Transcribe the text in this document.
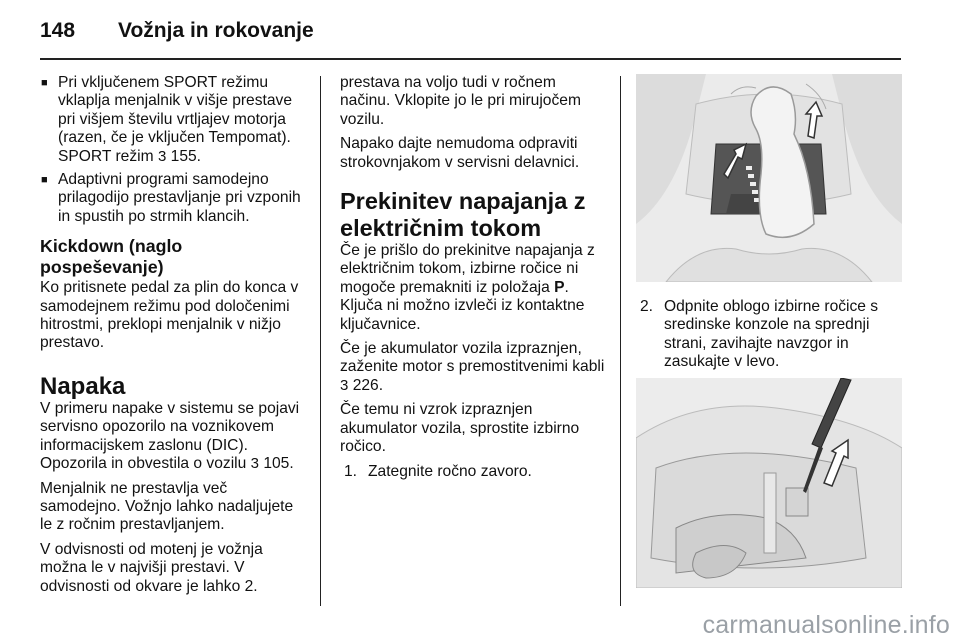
148	Vožnja in rokovanje
■ Pri vključenem SPORT režimu vklaplja menjalnik v višje prestave pri višjem številu vrtljajev motorja (razen, če je vključen Tempomat). SPORT režim 3 155.
■ Adaptivni programi samodejno prilagodijo prestavljanje pri vzponih in spustih po strmih klancih.
Kickdown (naglo pospeševanje)

Ko pritisnete pedal za plin do konca v samodejnem režimu pod določenimi hitrostmi, preklopi menjalnik v nižjo prestavo.

Napaka

V primeru napake v sistemu se pojavi servisno opozorilo na voznikovem informacijskem zaslonu (DIC). Opozorila in obvestila o vozilu 3 105.

Menjalnik ne prestavlja več samodejno. Vožnjo lahko nadaljujete le z ročnim prestavljanjem.

V odvisnosti od motenj je vožnja možna le v najvišji prestavi. V odvisnosti od okvare je lahko 2.

prestava na voljo tudi v ročnem načinu. Vklopite jo le pri mirujočem vozilu.

Napako dajte nemudoma odpraviti strokovnjakom v servisni delavnici.

Prekinitev napajanja z električnim tokom

Če je prišlo do prekinitve napajanja z električnim tokom, izbirne ročice ni mogoče premakniti iz položaja P. Ključa ni možno izvleči iz kontaktne ključavnice.

Če je akumulator vozila izpraznjen, zaženite motor s premostitvenimi kabli 3 226.

Če temu ni vzrok izpraznjen akumulator vozila, sprostite izbirno ročico.

1. Zategnite ročno zavoro.
2. Odpnite oblogo izbirne ročice s sredinske konzole na sprednji strani, zavihajte navzgor in zasukajte v levo.
carmanualsonline.info
